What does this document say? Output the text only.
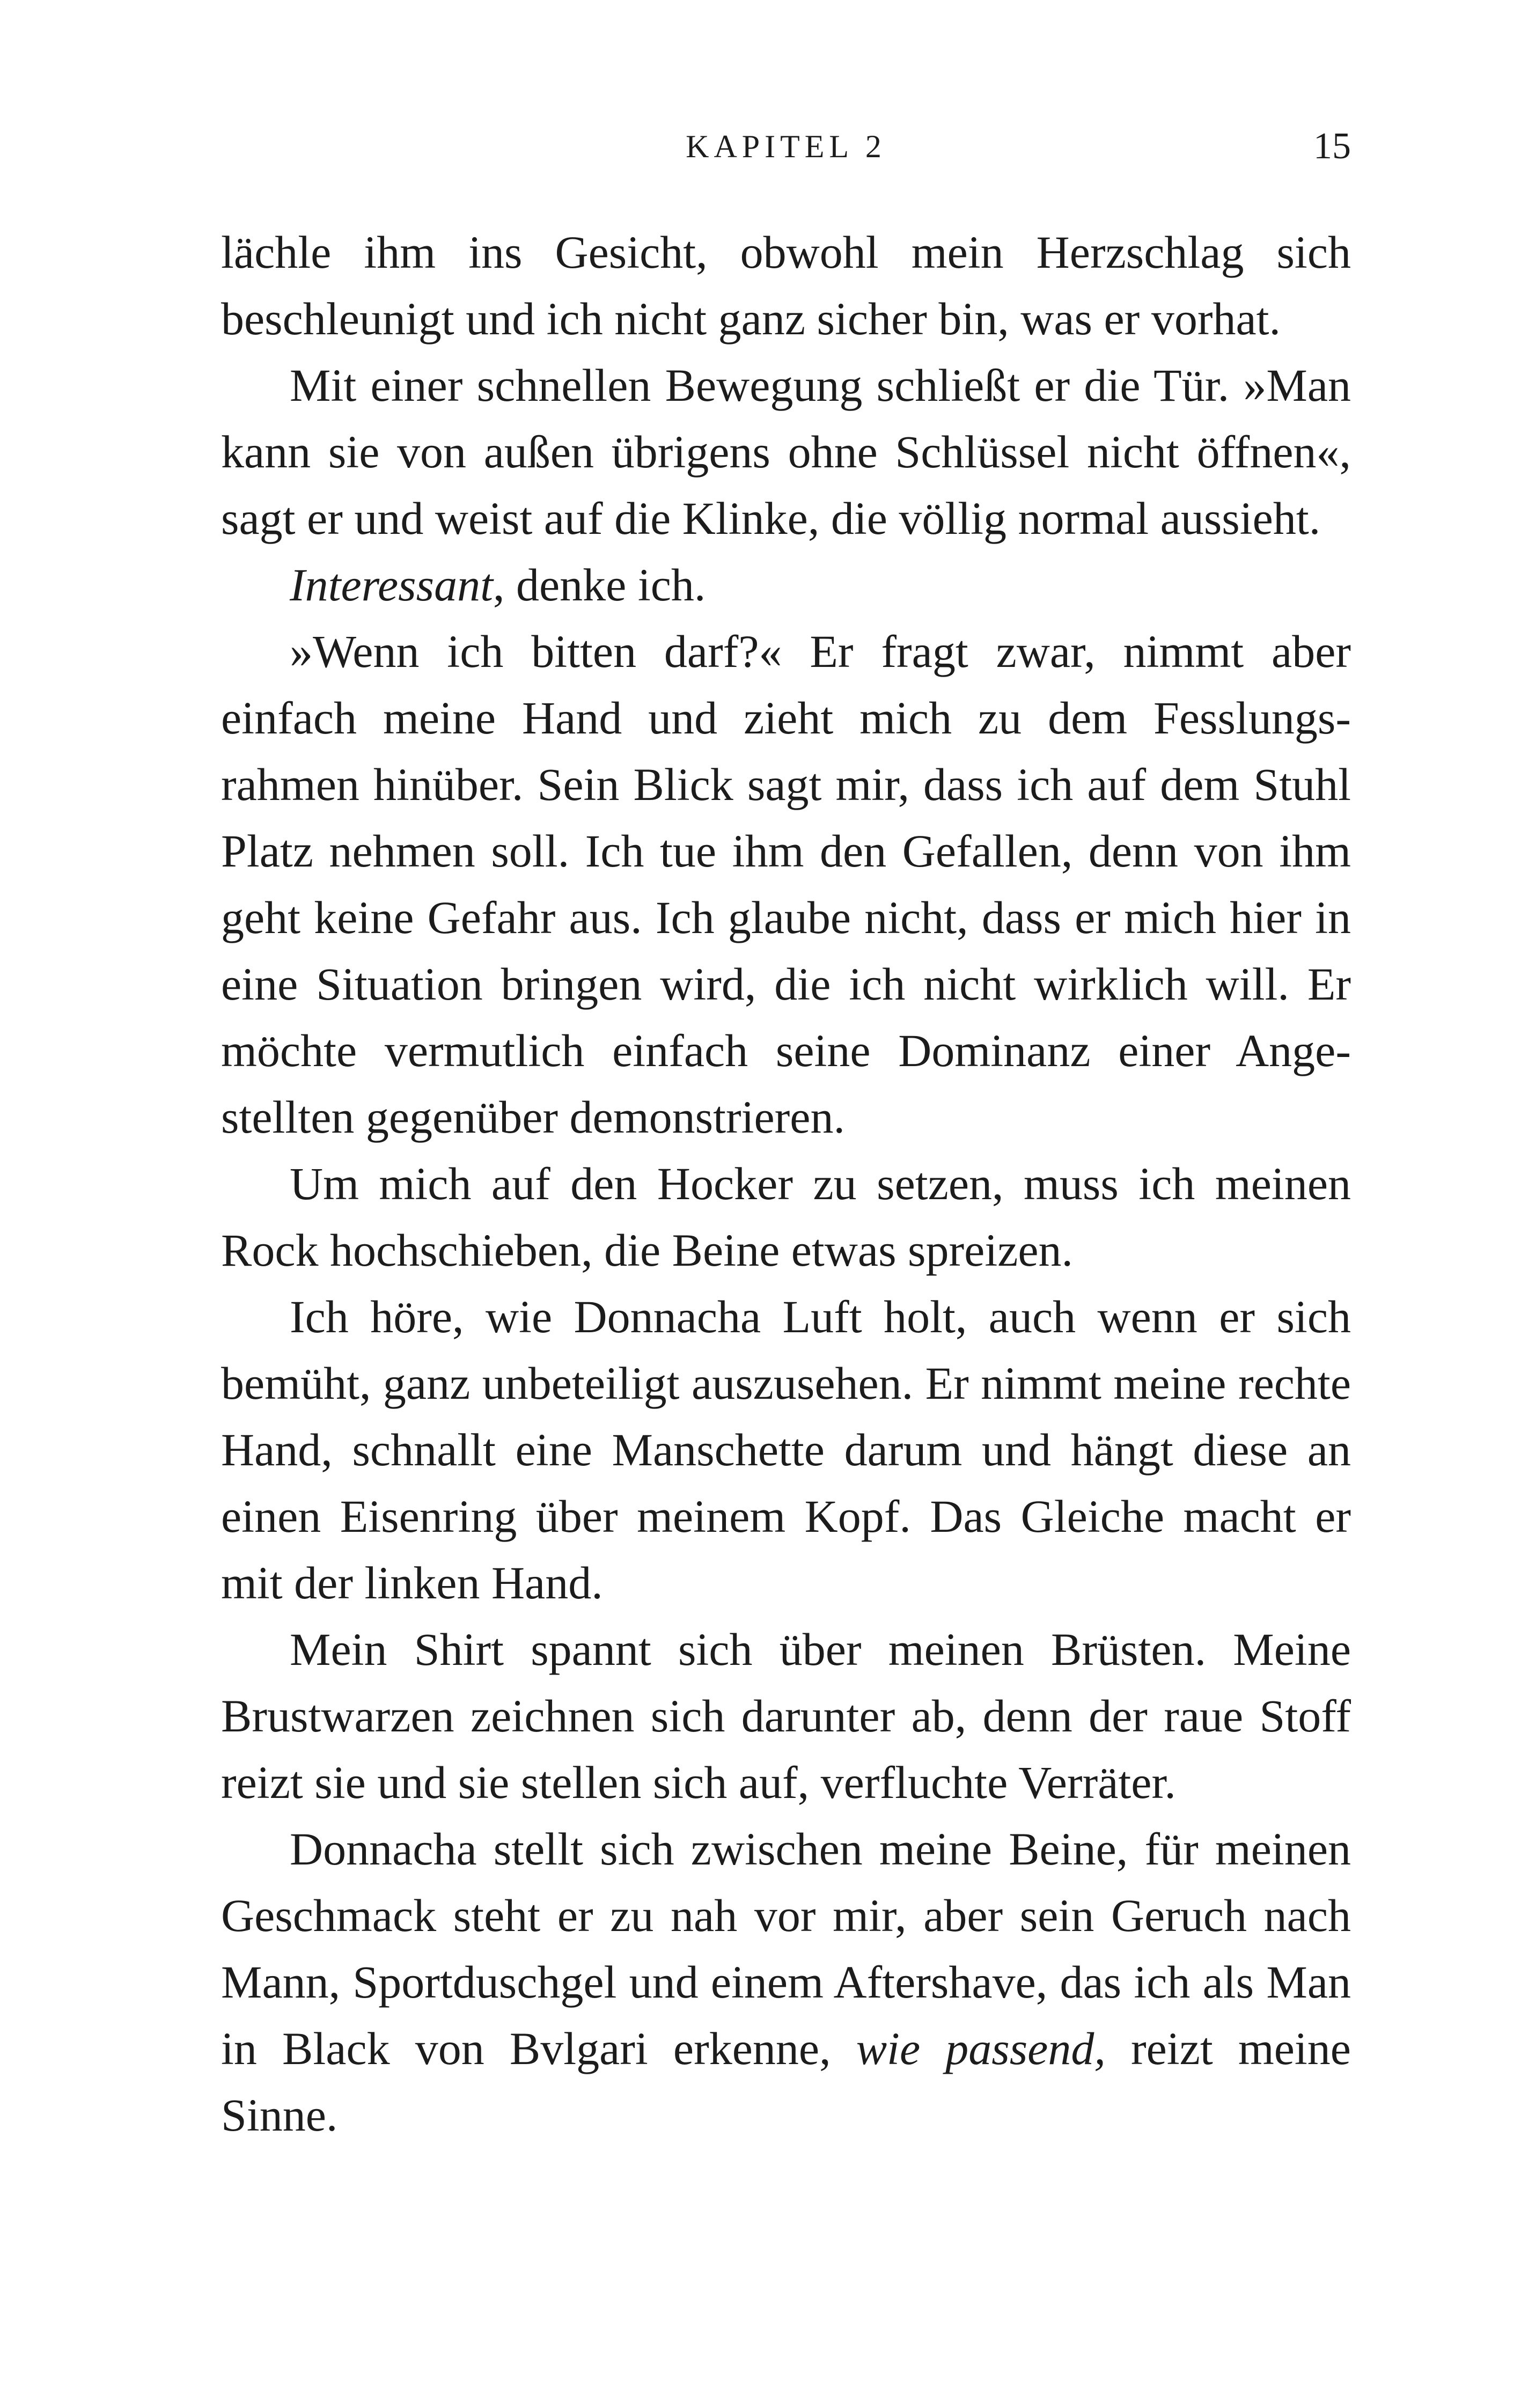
KAPITEL 2	15

lächle ihm ins Gesicht, obwohl mein Herzschlag sich beschleunigt und ich nicht ganz sicher bin, was er vorhat.

Mit einer schnellen Bewegung schließt er die Tür. »Man kann sie von außen übrigens ohne Schlüssel nicht öffnen«, sagt er und weist auf die Klinke, die völlig normal aussieht.

Interessant, denke ich.

»Wenn ich bitten darf?« Er fragt zwar, nimmt aber einfach meine Hand und zieht mich zu dem Fesslungsrahmen hinüber. Sein Blick sagt mir, dass ich auf dem Stuhl Platz nehmen soll. Ich tue ihm den Gefallen, denn von ihm geht keine Gefahr aus. Ich glaube nicht, dass er mich hier in eine Situation bringen wird, die ich nicht wirklich will. Er möchte vermutlich einfach seine Dominanz einer Angestellten gegenüber demonstrieren.

Um mich auf den Hocker zu setzen, muss ich meinen Rock hochschieben, die Beine etwas spreizen.

Ich höre, wie Donnacha Luft holt, auch wenn er sich bemüht, ganz unbeteiligt auszusehen. Er nimmt meine rechte Hand, schnallt eine Manschette darum und hängt diese an einen Eisenring über meinem Kopf. Das Gleiche macht er mit der linken Hand.

Mein Shirt spannt sich über meinen Brüsten. Meine Brustwarzen zeichnen sich darunter ab, denn der raue Stoff reizt sie und sie stellen sich auf, verfluchte Verräter.

Donnacha stellt sich zwischen meine Beine, für meinen Geschmack steht er zu nah vor mir, aber sein Geruch nach Mann, Sportduschgel und einem Aftershave, das ich als Man in Black von Bvlgari erkenne, wie passend, reizt meine Sinne.
